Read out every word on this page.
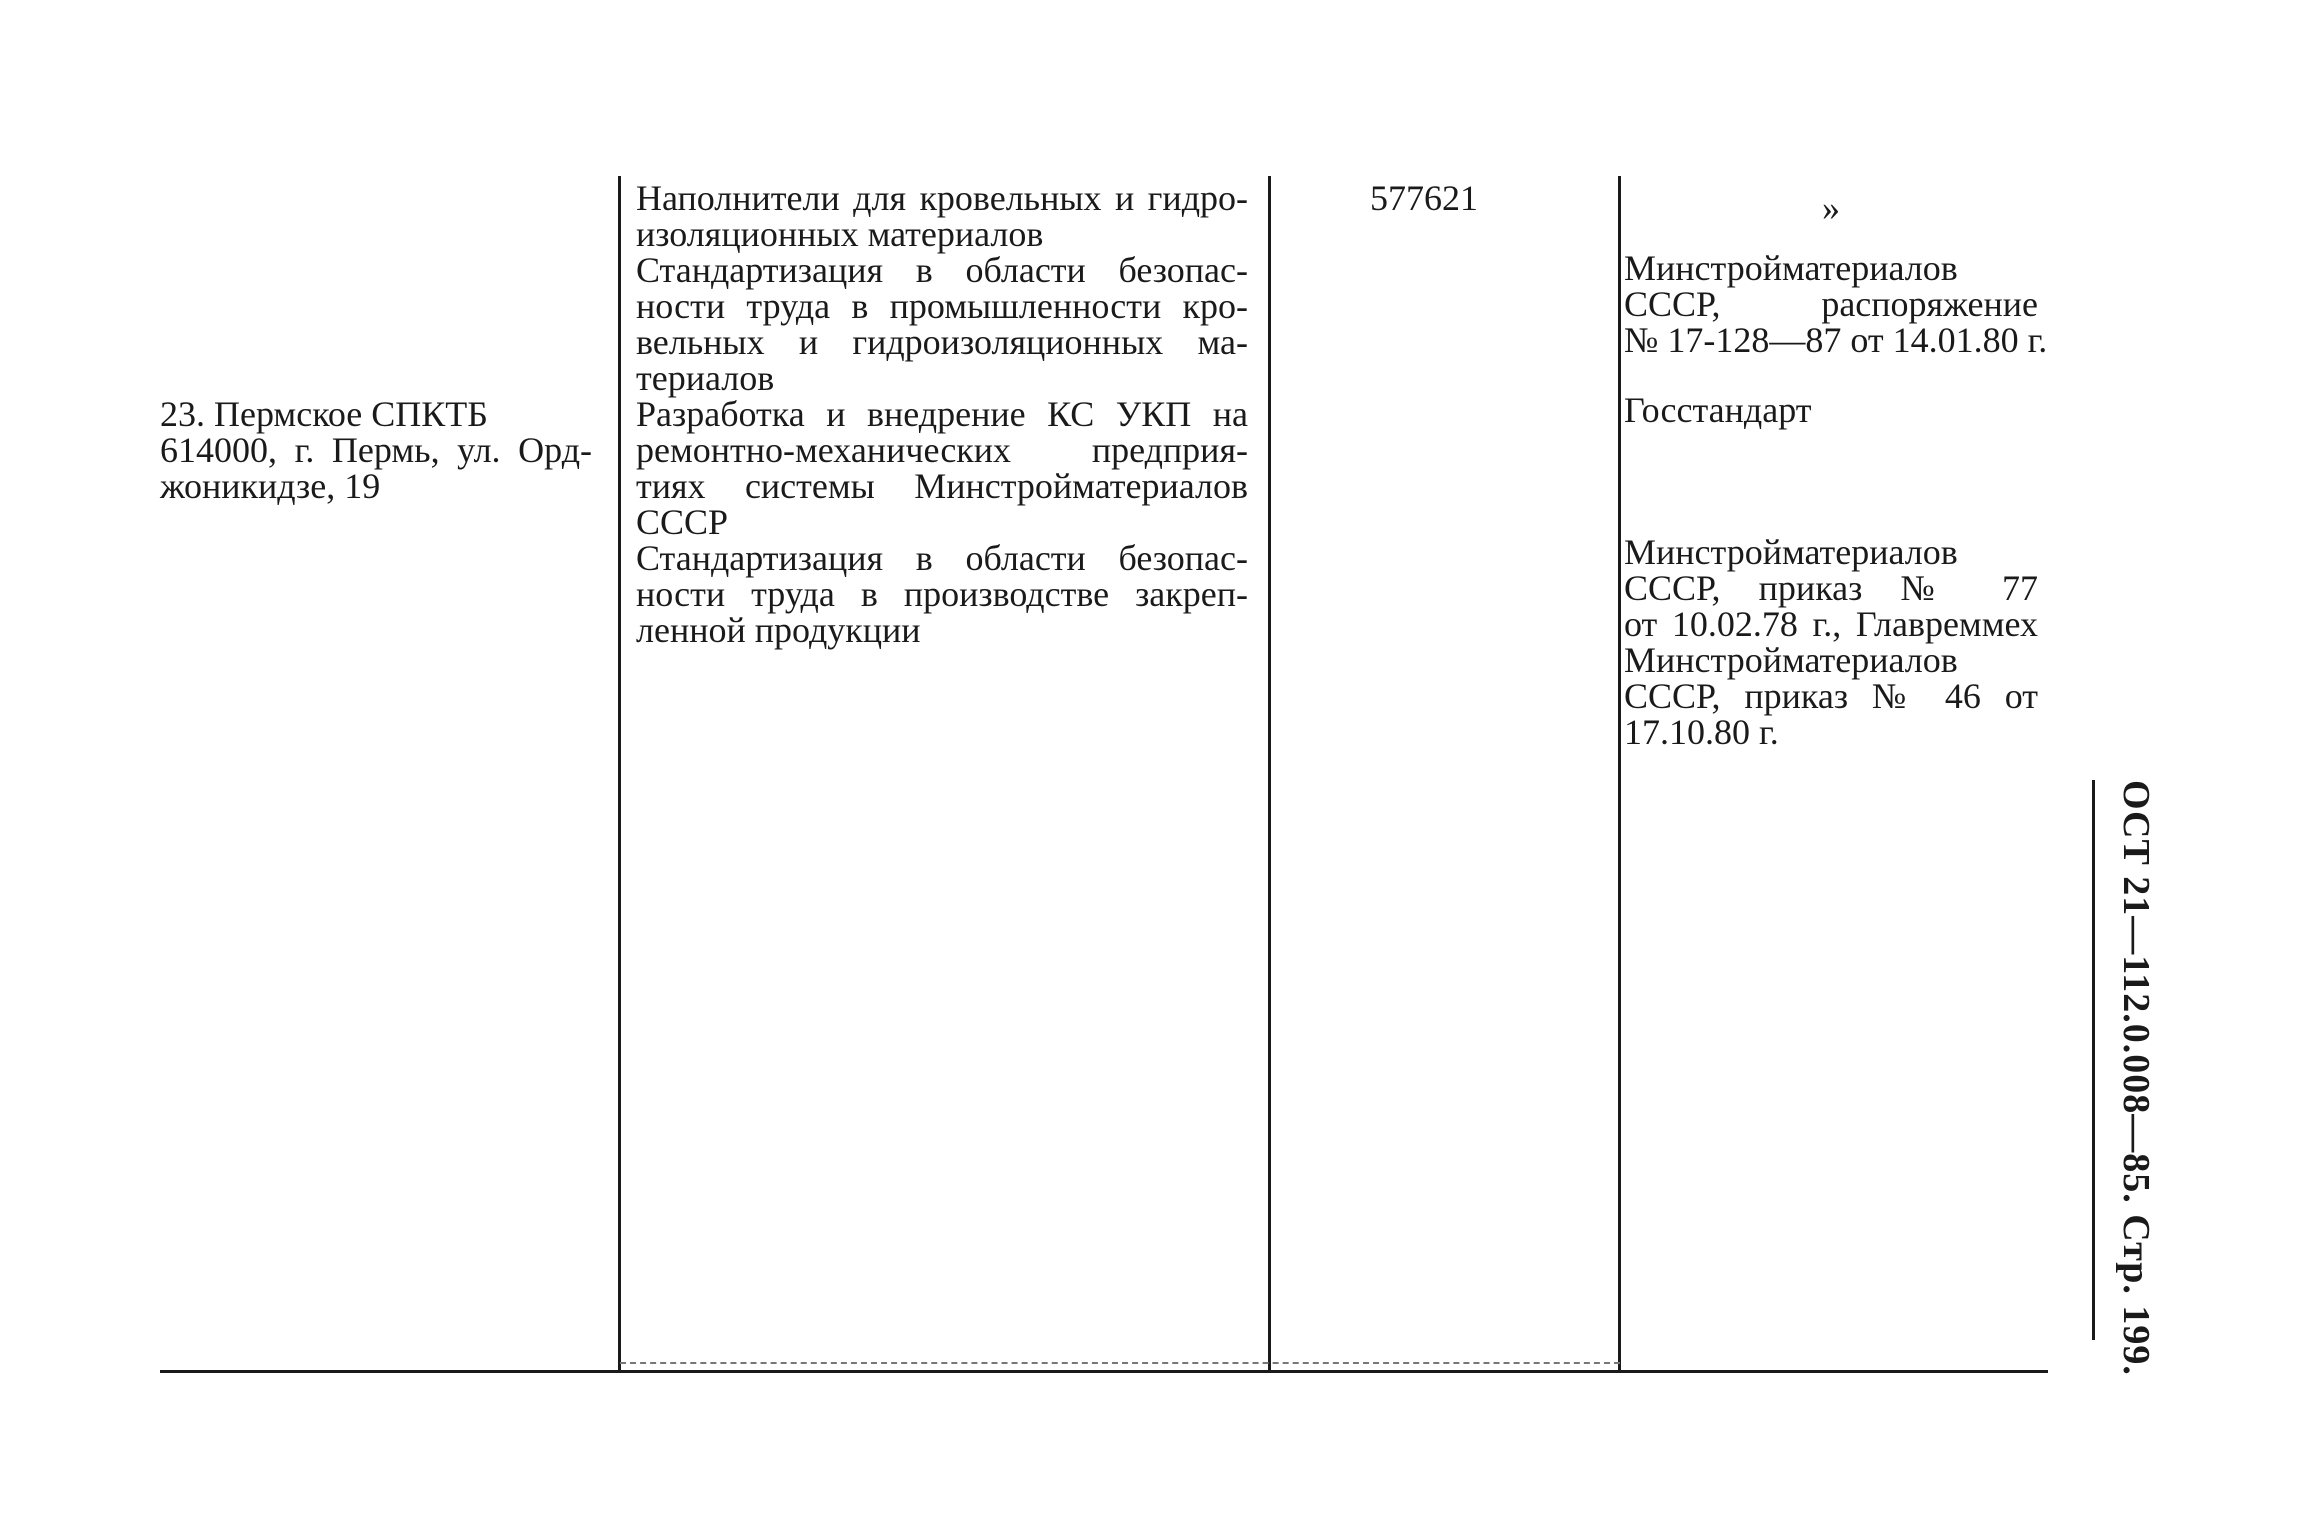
23. Пермское СПКТБ
614000, г. Пермь, ул. Орд-
жоникидзе, 19
Наполнители для кровельных и гидро-
изоляционных материалов
Стандартизация в области безопас-
ности труда в промышленности кро-
вельных и гидроизоляционных ма-
териалов
Разработка и внедрение КС УКП на
ремонтно-механических предприя-
тиях системы Минстройматериалов
СССР
Стандартизация в области безопас-
ности труда в производстве закреп-
ленной продукции
577621	»
Минстройматериалов
СССР, распоряжение
№ 17-128—87 от 14.01.80 г.
Госстандарт
Минстройматериалов
СССР, приказ № 77
от 10.02.78 г., Главреммех
Минстройматериалов
СССР, приказ № 46 от
17.10.80 г.
ОСТ 21—112.0.008—85. Стр. 199.
